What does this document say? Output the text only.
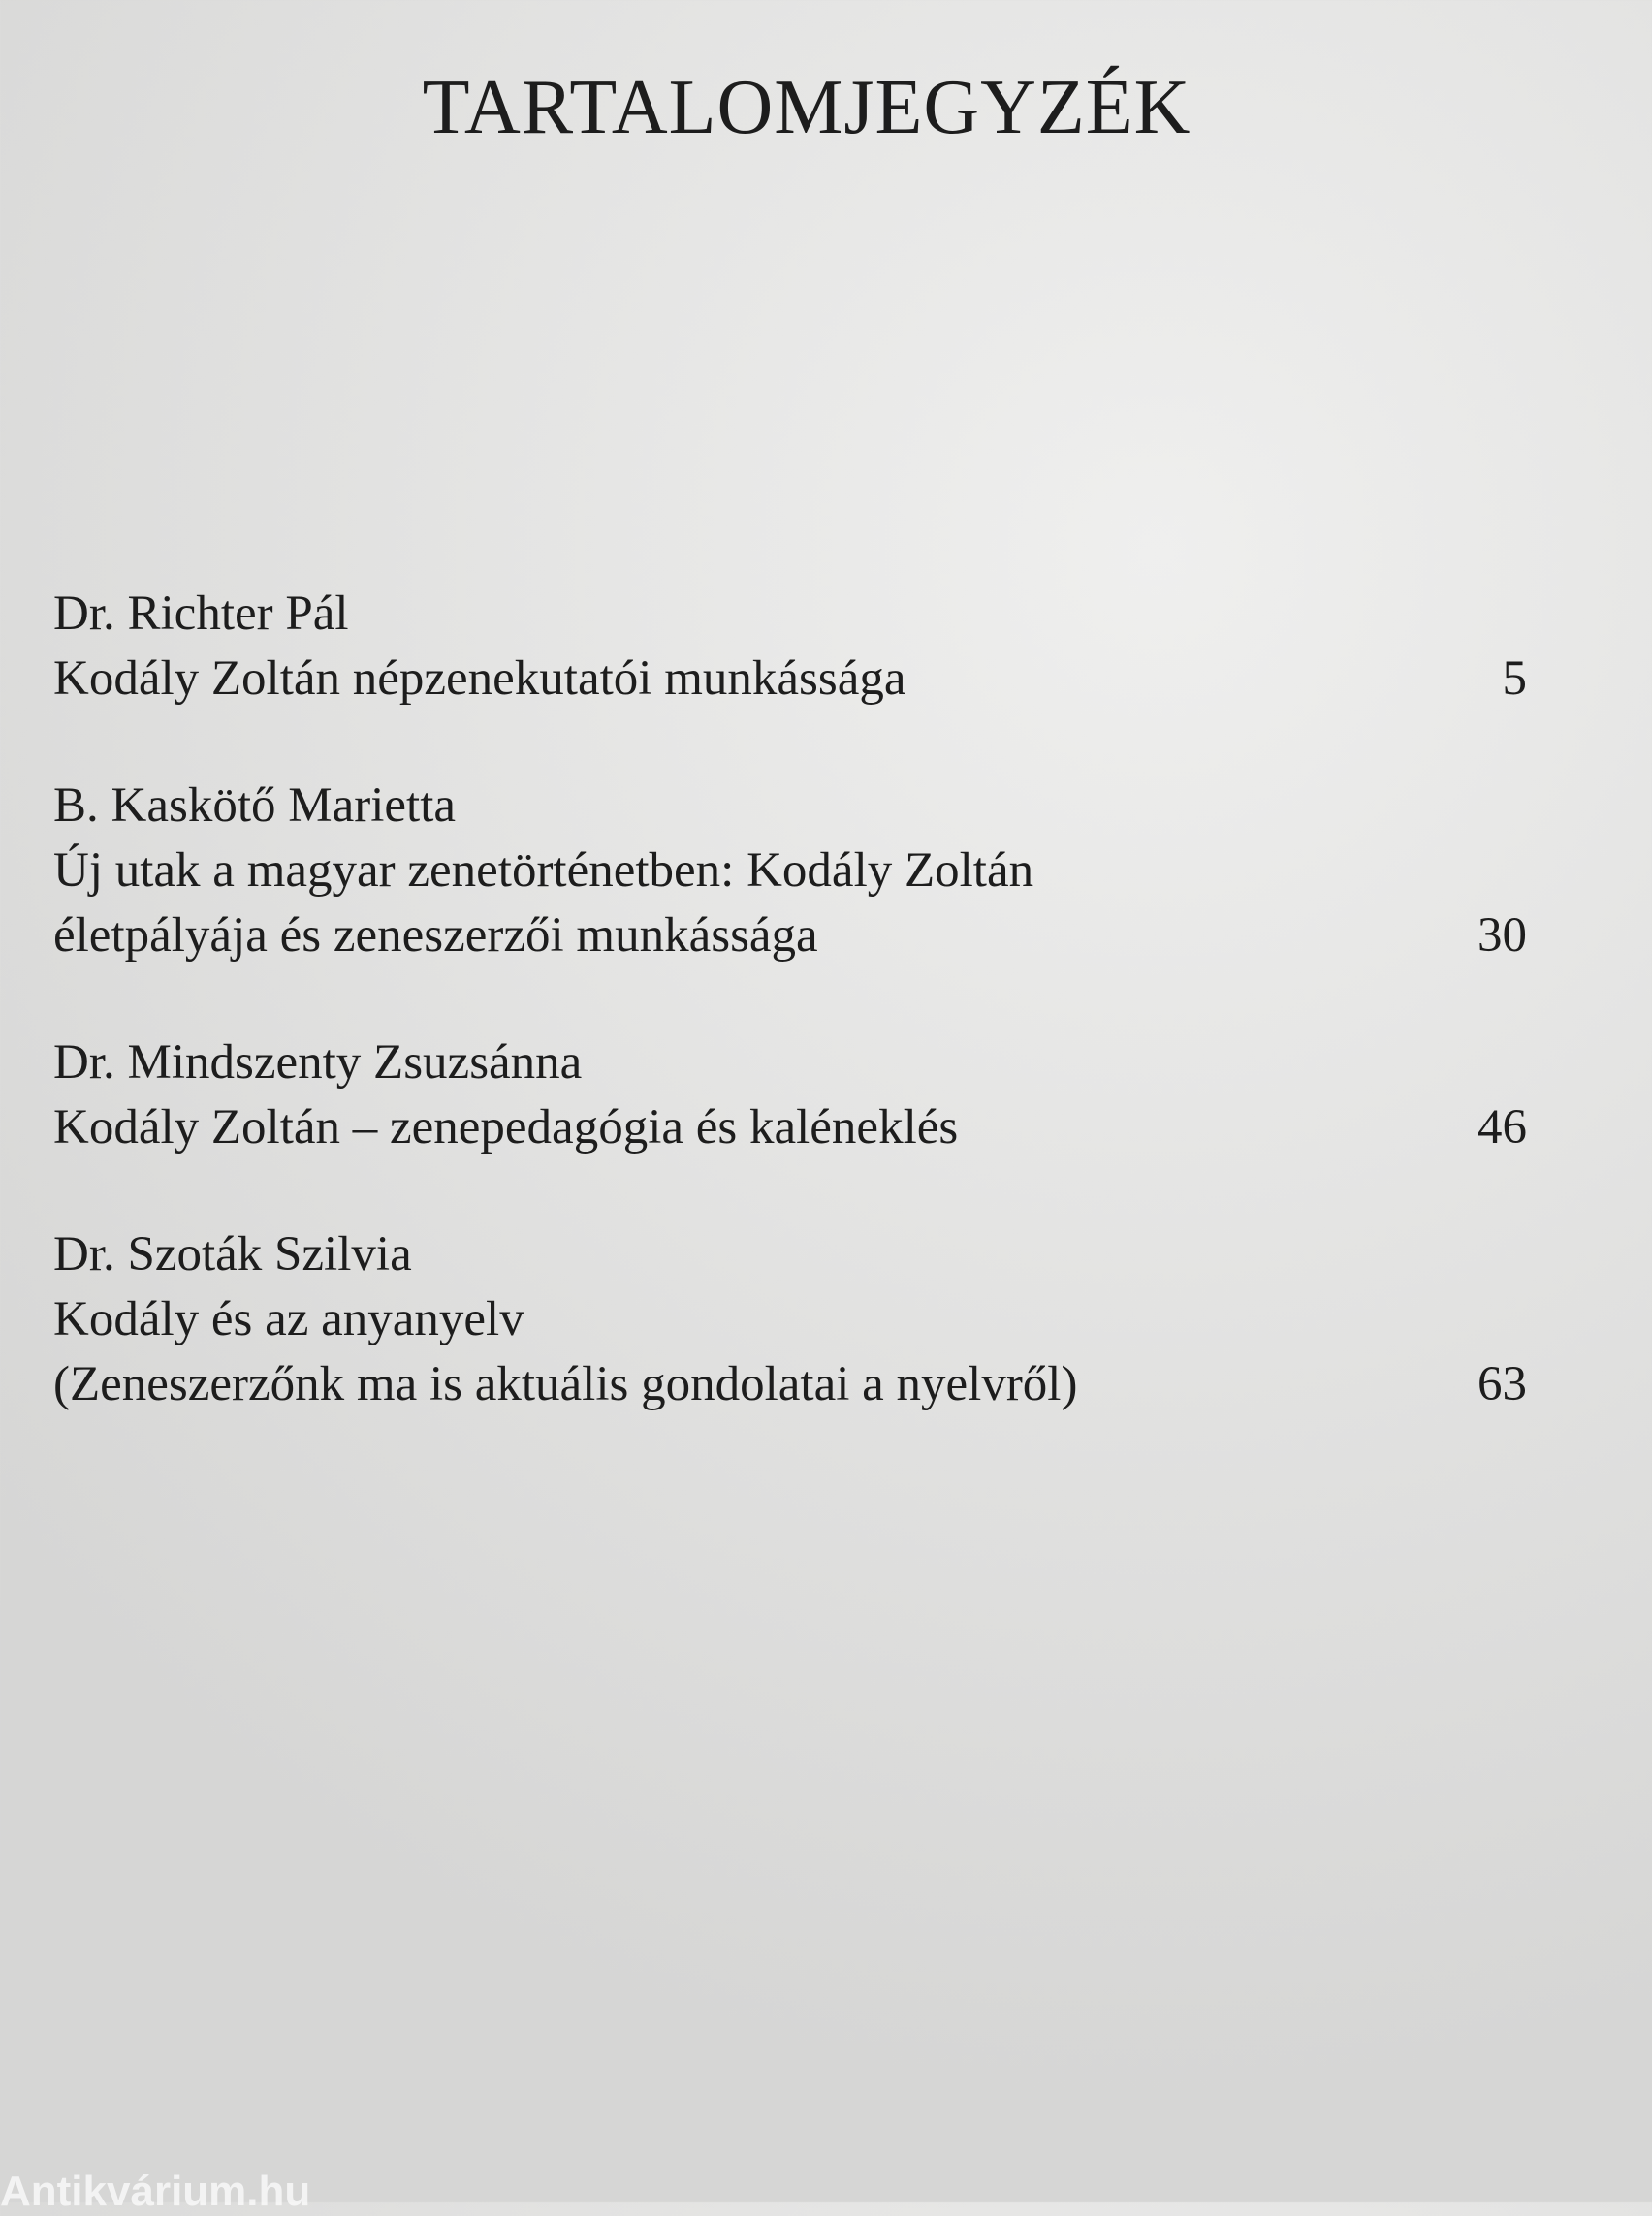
TARTALOMJEGYZÉK
Dr. Richter Pál
Kodály Zoltán népzenekutatói munkássága	5
B. Kaskötő Marietta
Új utak a magyar zenetörténetben: Kodály Zoltán
életpályája és zeneszerzői munkássága	30
Dr. Mindszenty Zsuzsánna
Kodály Zoltán – zenepedagógia és kaléneklés	46
Dr. Szoták Szilvia
Kodály és az anyanyelv
(Zeneszerzőnk ma is aktuális gondolatai a nyelvről)	63
Antikvárium.hu
